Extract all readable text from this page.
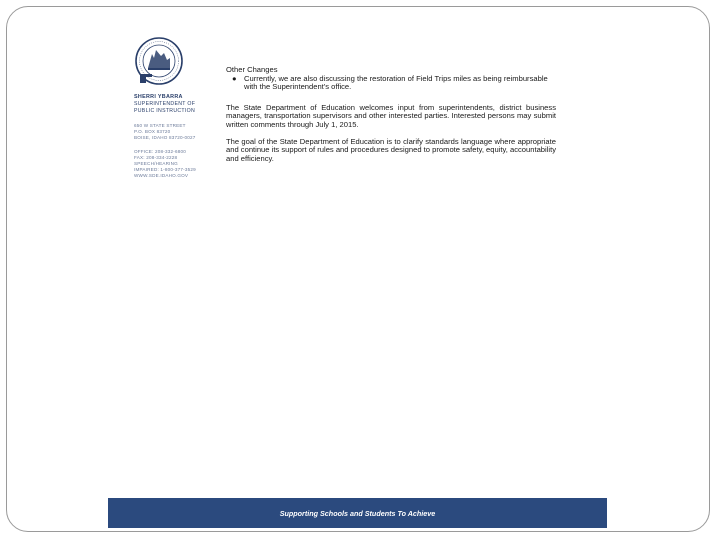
SHERRI YBARRA
SUPERINTENDENT OF
PUBLIC INSTRUCTION
650 W STATE STREET
P.O. BOX 83720
BOISE, IDAHO 83720-0027
OFFICE: 208-332-6800
FAX: 208-334-2228
SPEECH/HEARING
IMPAIRED: 1-800-377-3529
WWW.SDE.IDAHO.GOV
Other Changes
● Currently, we are also discussing the restoration of Field Trips miles as being reimbursable with the Superintendent's office.

The State Department of Education welcomes input from superintendents, district business managers, transportation supervisors and other interested parties. Interested persons may submit written comments through July 1, 2015.

The goal of the State Department of Education is to clarify standards language where appropriate and continue its support of rules and procedures designed to promote safety, equity, accountability and efficiency.

Supporting Schools and Students To Achieve
